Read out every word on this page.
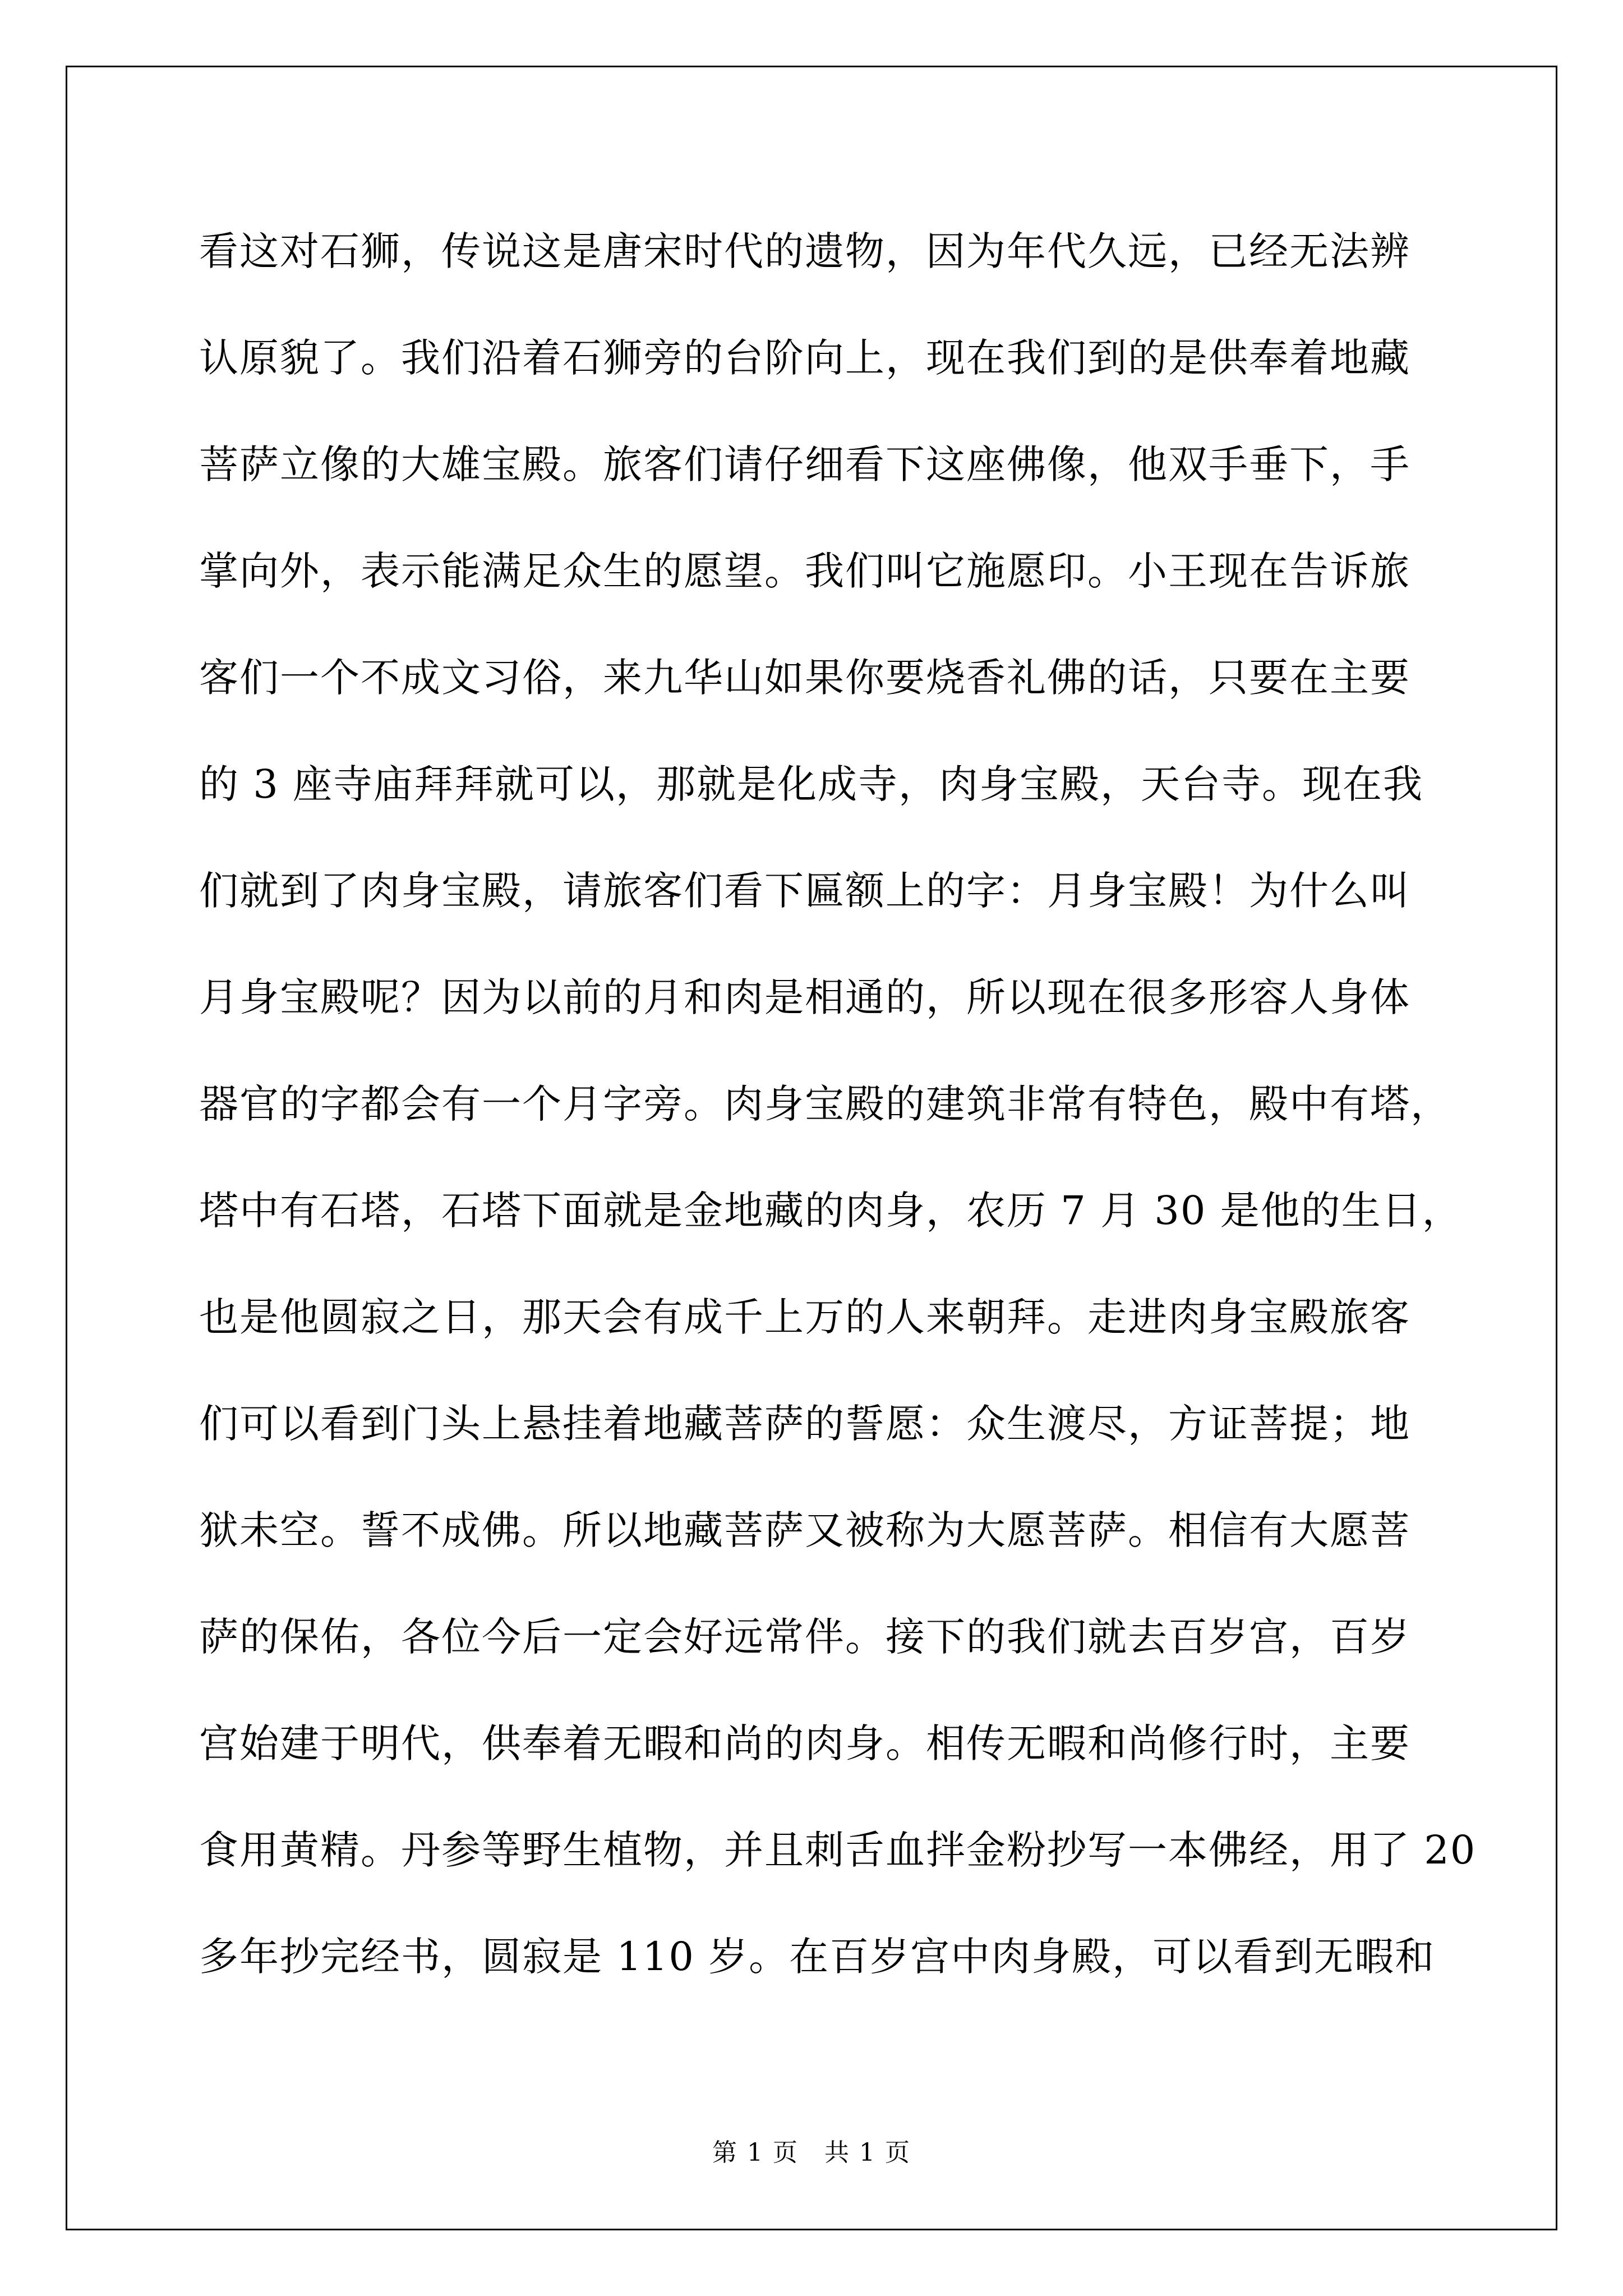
看这对石狮，传说这是唐宋时代的遗物，因为年代久远，已经无法辨
认原貌了。我们沿着石狮旁的台阶向上，现在我们到的是供奉着地藏
菩萨立像的大雄宝殿。旅客们请仔细看下这座佛像，他双手垂下，手
掌向外，表示能满足众生的愿望。我们叫它施愿印。小王现在告诉旅
客们一个不成文习俗，来九华山如果你要烧香礼佛的话，只要在主要
的 3 座寺庙拜拜就可以，那就是化成寺，肉身宝殿，天台寺。现在我
们就到了肉身宝殿，请旅客们看下匾额上的字：月身宝殿！为什么叫
月身宝殿呢？因为以前的月和肉是相通的，所以现在很多形容人身体
器官的字都会有一个月字旁。肉身宝殿的建筑非常有特色，殿中有塔，
塔中有石塔，石塔下面就是金地藏的肉身，农历 7 月 30 是他的生日，
也是他圆寂之日，那天会有成千上万的人来朝拜。走进肉身宝殿旅客
们可以看到门头上悬挂着地藏菩萨的誓愿：众生渡尽，方证菩提；地
狱未空。誓不成佛。所以地藏菩萨又被称为大愿菩萨。相信有大愿菩
萨的保佑，各位今后一定会好远常伴。接下的我们就去百岁宫，百岁
宫始建于明代，供奉着无暇和尚的肉身。相传无暇和尚修行时，主要
食用黄精。丹参等野生植物，并且刺舌血拌金粉抄写一本佛经，用了 20
多年抄完经书，圆寂是 110 岁。在百岁宫中肉身殿，可以看到无暇和
第 1 页　共 1 页
